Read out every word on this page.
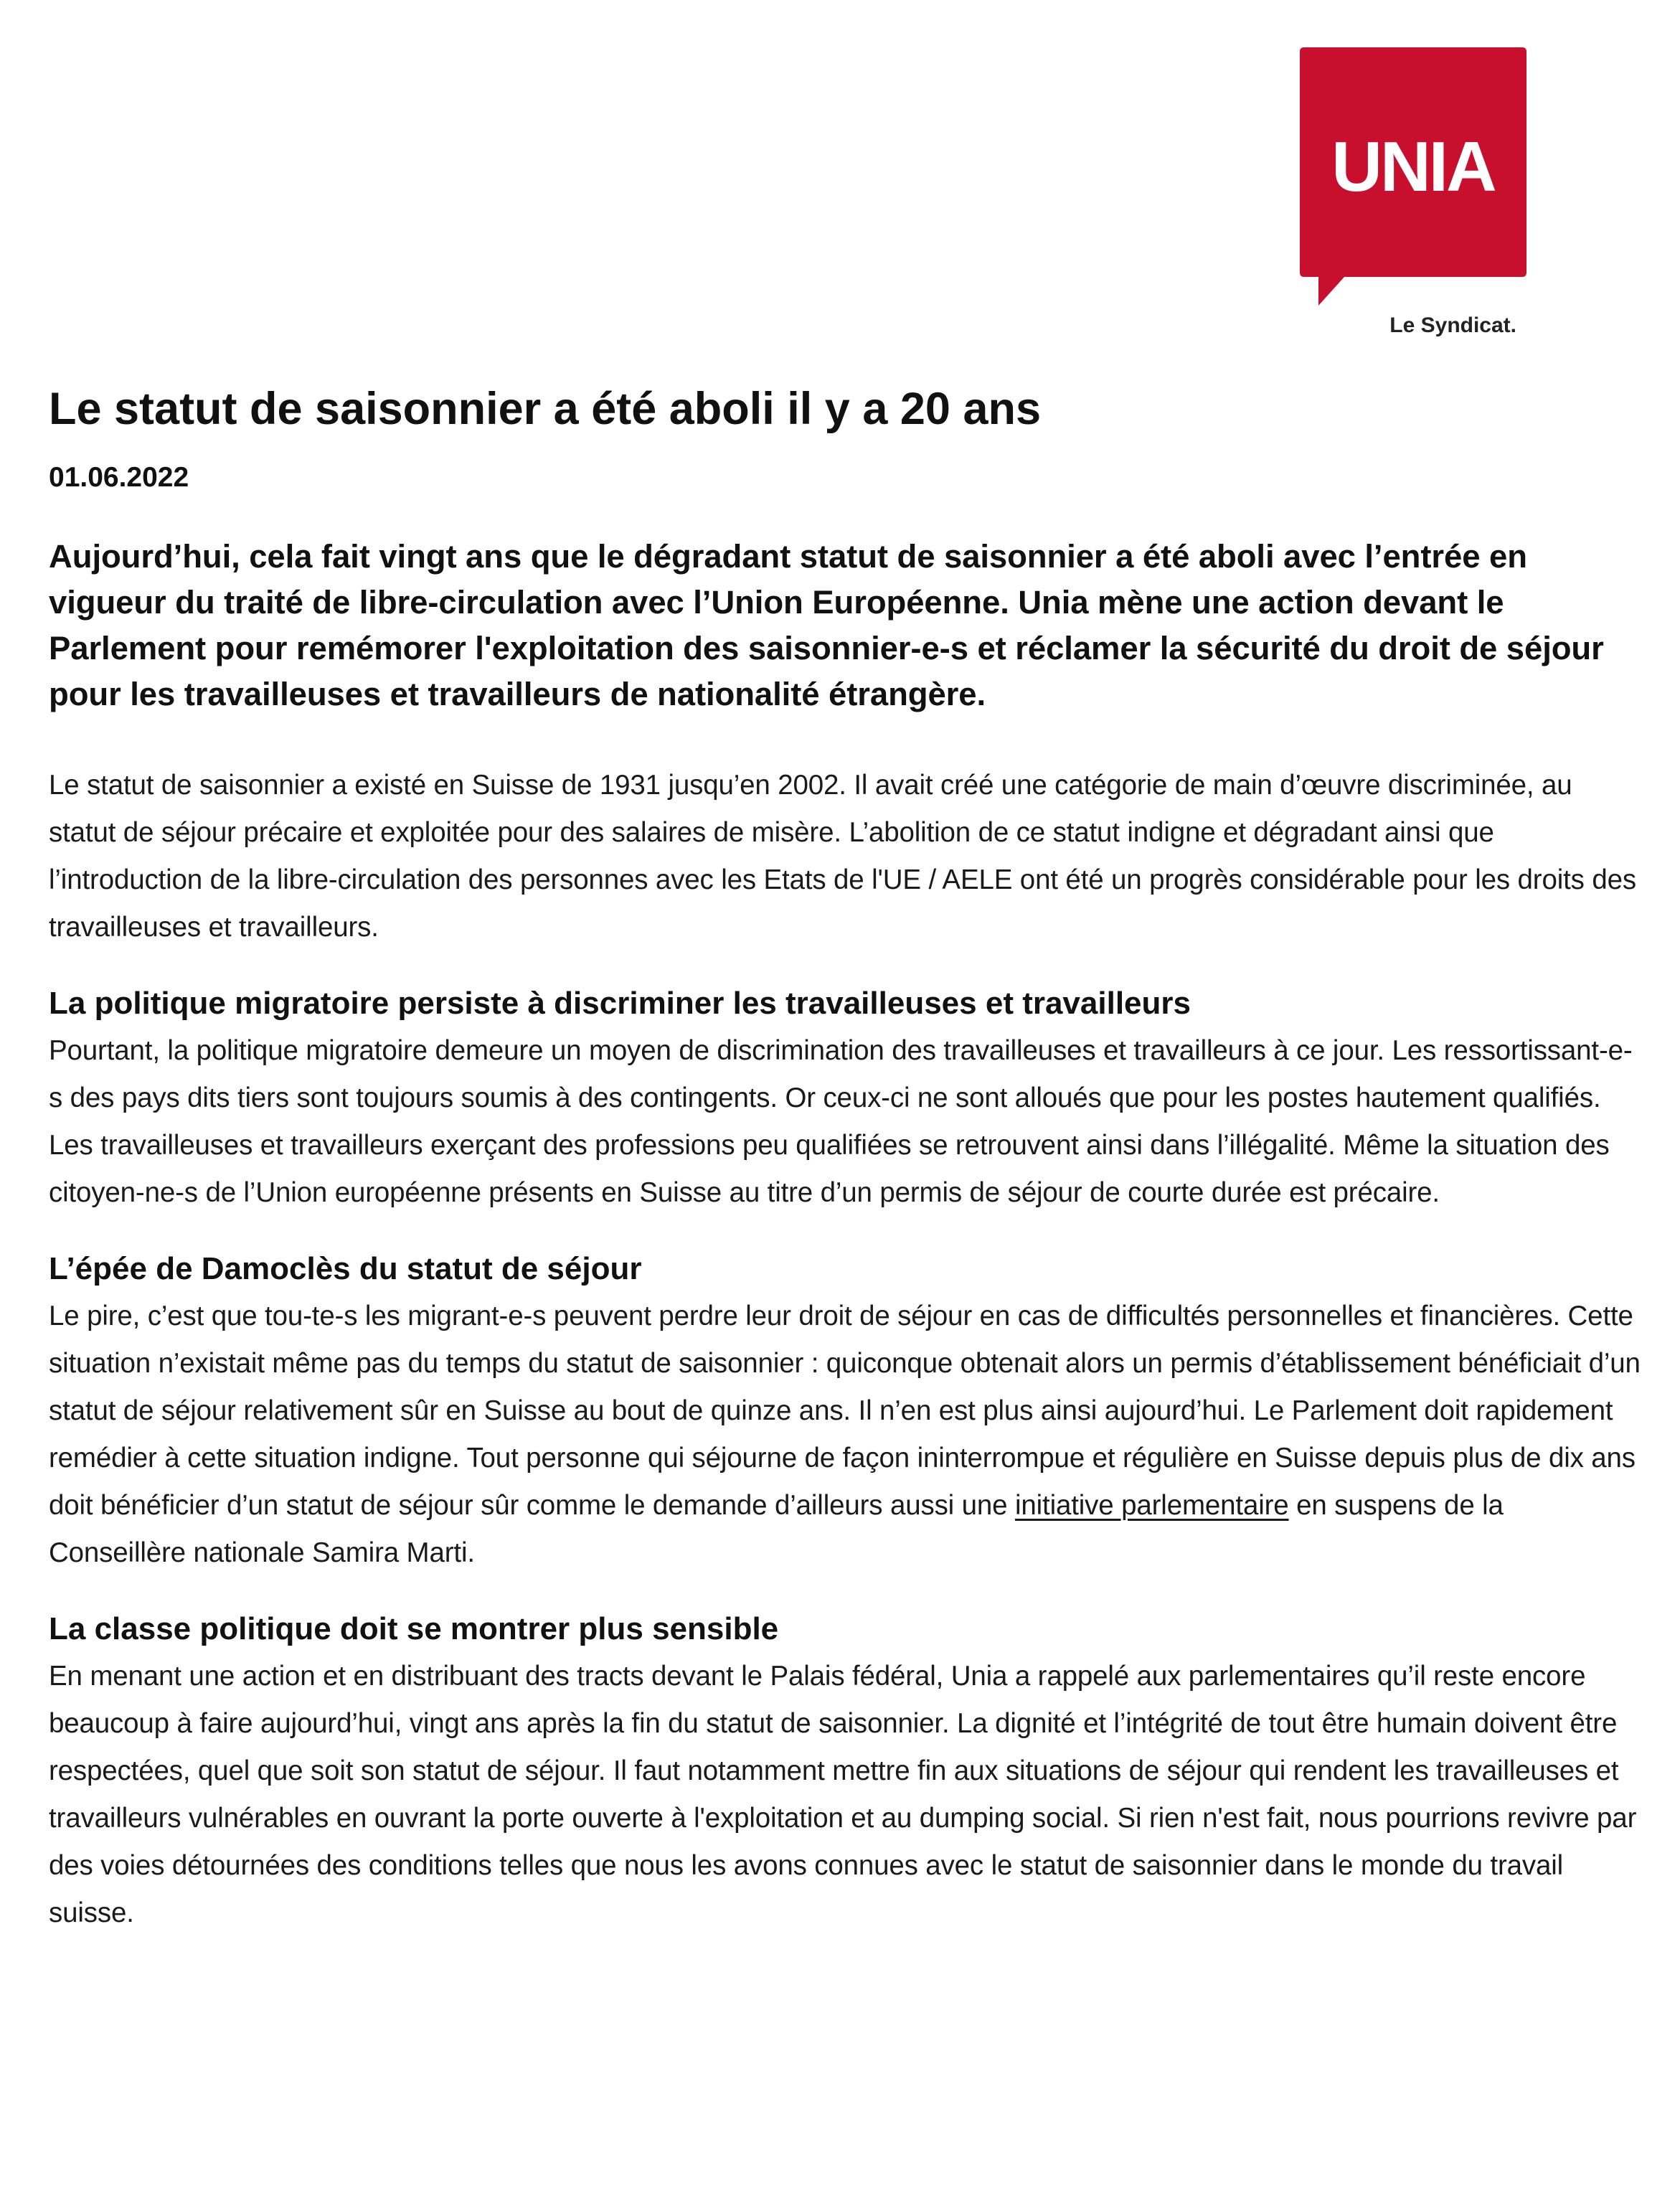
UNIA
Le Syndicat.
Le statut de saisonnier a été aboli il y a 20 ans
01.06.2022

Aujourd’hui, cela fait vingt ans que le dégradant statut de saisonnier a été aboli avec l’entrée en vigueur du traité de libre-circulation avec l’Union Européenne. Unia mène une action devant le Parlement pour remémorer l'exploitation des saisonnier-e-s et réclamer la sécurité du droit de séjour pour les travailleuses et travailleurs de nationalité étrangère.

Le statut de saisonnier a existé en Suisse de 1931 jusqu’en 2002. Il avait créé une catégorie de main d’œuvre discriminée, au statut de séjour précaire et exploitée pour des salaires de misère. L’abolition de ce statut indigne et dégradant ainsi que l’introduction de la libre-circulation des personnes avec les Etats de l'UE / AELE ont été un progrès considérable pour les droits des travailleuses et travailleurs.

La politique migratoire persiste à discriminer les travailleuses et travailleurs

Pourtant, la politique migratoire demeure un moyen de discrimination des travailleuses et travailleurs à ce jour. Les ressortissant-e-s des pays dits tiers sont toujours soumis à des contingents. Or ceux-ci ne sont alloués que pour les postes hautement qualifiés. Les travailleuses et travailleurs exerçant des professions peu qualifiées se retrouvent ainsi dans l’illégalité. Même la situation des citoyen-ne-s de l’Union européenne présents en Suisse au titre d’un permis de séjour de courte durée est précaire.

L’épée de Damoclès du statut de séjour

Le pire, c’est que tou-te-s les migrant-e-s peuvent perdre leur droit de séjour en cas de difficultés personnelles et financières. Cette situation n’existait même pas du temps du statut de saisonnier : quiconque obtenait alors un permis d’établissement bénéficiait d’un statut de séjour relativement sûr en Suisse au bout de quinze ans. Il n’en est plus ainsi aujourd’hui. Le Parlement doit rapidement remédier à cette situation indigne. Tout personne qui séjourne de façon ininterrompue et régulière en Suisse depuis plus de dix ans doit bénéficier d’un statut de séjour sûr comme le demande d’ailleurs aussi une initiative parlementaire en suspens de la Conseillère nationale Samira Marti.

La classe politique doit se montrer plus sensible

En menant une action et en distribuant des tracts devant le Palais fédéral, Unia a rappelé aux parlementaires qu’il reste encore beaucoup à faire aujourd’hui, vingt ans après la fin du statut de saisonnier. La dignité et l’intégrité de tout être humain doivent être respectées, quel que soit son statut de séjour. Il faut notamment mettre fin aux situations de séjour qui rendent les travailleuses et travailleurs vulnérables en ouvrant la porte ouverte à l'exploitation et au dumping social. Si rien n'est fait, nous pourrions revivre par des voies détournées des conditions telles que nous les avons connues avec le statut de saisonnier dans le monde du travail suisse.
